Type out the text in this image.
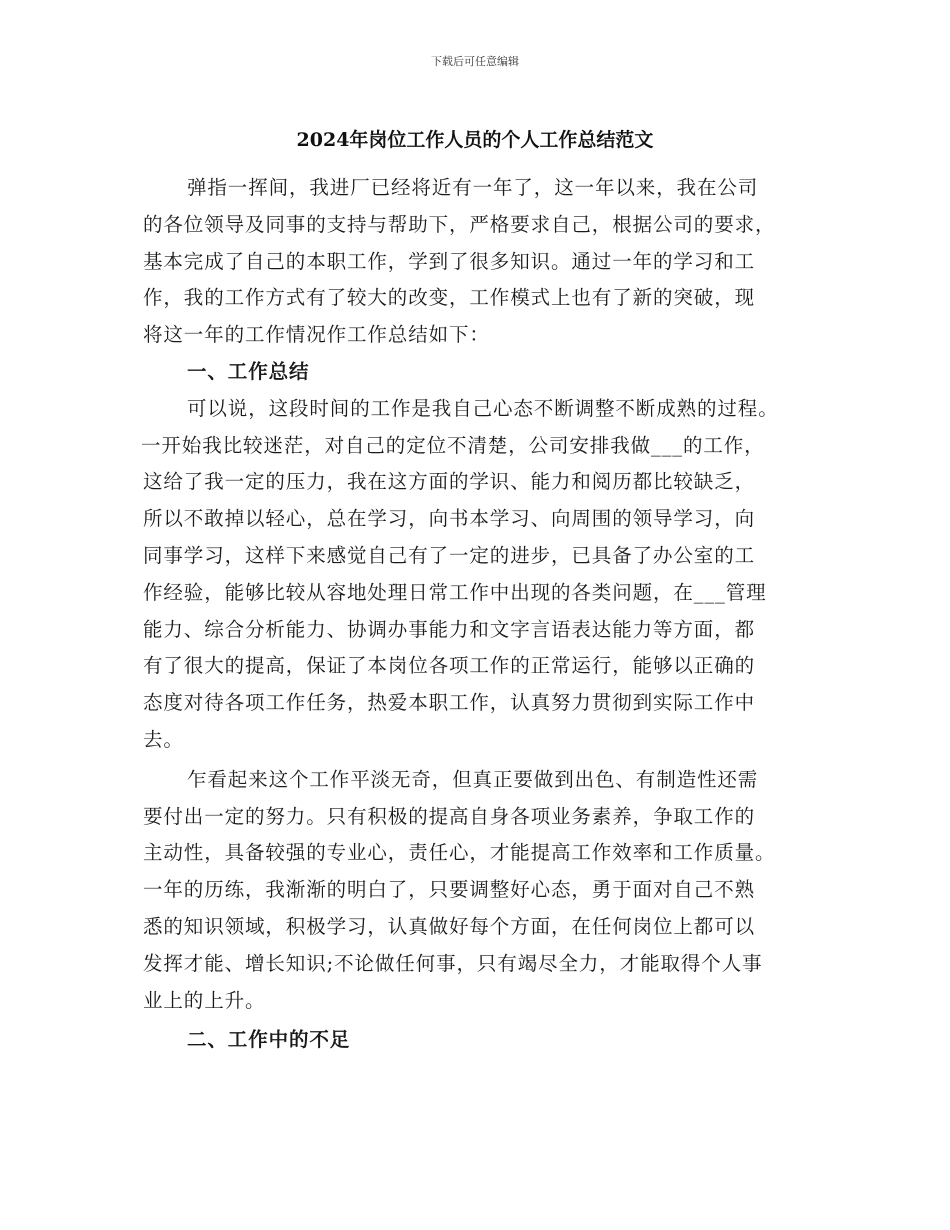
下载后可任意编辑
2024年岗位工作人员的个人工作总结范文
弹指一挥间，我进厂已经将近有一年了，这一年以来，我在公司
的各位领导及同事的支持与帮助下，严格要求自己，根据公司的要求，
基本完成了自己的本职工作，学到了很多知识。通过一年的学习和工
作，我的工作方式有了较大的改变，工作模式上也有了新的突破，现
将这一年的工作情况作工作总结如下：
一、工作总结
可以说，这段时间的工作是我自己心态不断调整不断成熟的过程。
一开始我比较迷茫，对自己的定位不清楚，公司安排我做___的工作，
这给了我一定的压力，我在这方面的学识、能力和阅历都比较缺乏，
所以不敢掉以轻心，总在学习，向书本学习、向周围的领导学习，向
同事学习，这样下来感觉自己有了一定的进步，已具备了办公室的工
作经验，能够比较从容地处理日常工作中出现的各类问题，在___管理
能力、综合分析能力、协调办事能力和文字言语表达能力等方面，都
有了很大的提高，保证了本岗位各项工作的正常运行，能够以正确的
态度对待各项工作任务，热爱本职工作，认真努力贯彻到实际工作中
去。
乍看起来这个工作平淡无奇，但真正要做到出色、有制造性还需
要付出一定的努力。只有积极的提高自身各项业务素养，争取工作的
主动性，具备较强的专业心，责任心，才能提高工作效率和工作质量。
一年的历练，我渐渐的明白了，只要调整好心态，勇于面对自己不熟
悉的知识领域，积极学习，认真做好每个方面，在任何岗位上都可以
发挥才能、增长知识;不论做任何事，只有竭尽全力，才能取得个人事
业上的上升。
二、工作中的不足
